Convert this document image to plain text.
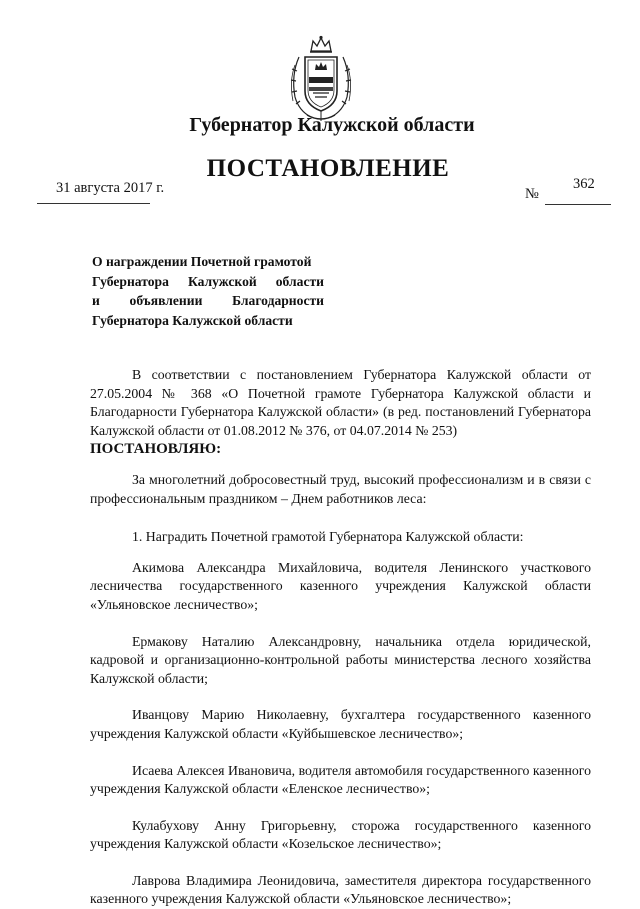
Губернатор Калужской области
ПОСТАНОВЛЕНИЕ
31 августа 2017 г.	№
362
О награждении Почетной грамотой
Губернатора Калужской области
и объявлении Благодарности
Губернатора Калужской области

В соответствии с постановлением Губернатора Калужской области от 27.05.2004 № 368 «О Почетной грамоте Губернатора Калужской области и Благодарности Губернатора Калужской области» (в ред. постановлений Губернатора Калужской области от 01.08.2012 № 376, от 04.07.2014 № 253)

ПОСТАНОВЛЯЮ:

За многолетний добросовестный труд, высокий профессионализм и в связи с профессиональным праздником – Днем работников леса:

1. Наградить Почетной грамотой Губернатора Калужской области:

Акимова Александра Михайловича, водителя Ленинского участкового лесничества государственного казенного учреждения Калужской области «Ульяновское лесничество»;

Ермакову Наталию Александровну, начальника отдела юридической, кадровой и организационно-контрольной работы министерства лесного хозяйства Калужской области;

Иванцову Марию Николаевну, бухгалтера государственного казенного учреждения Калужской области «Куйбышевское лесничество»;

Исаева Алексея Ивановича, водителя автомобиля государственного казенного учреждения Калужской области «Еленское лесничество»;

Кулабухову Анну Григорьевну, сторожа государственного казенного учреждения Калужской области «Козельское лесничество»;

Лаврова Владимира Леонидовича, заместителя директора государственного казенного учреждения Калужской области «Ульяновское лесничество»;
